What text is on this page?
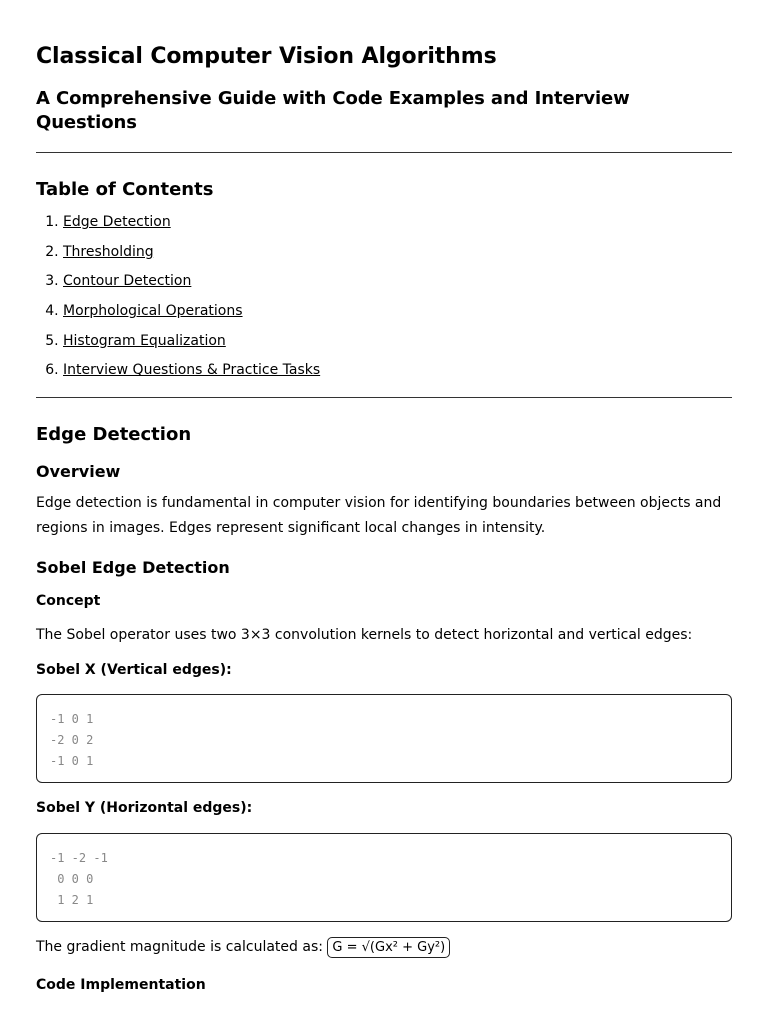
Classical Computer Vision Algorithms
A Comprehensive Guide with Code Examples and Interview Questions
Table of Contents
1. Edge Detection
2. Thresholding
3. Contour Detection
4. Morphological Operations
5. Histogram Equalization
6. Interview Questions & Practice Tasks
Edge Detection
Overview

Edge detection is fundamental in computer vision for identifying boundaries between objects and regions in images. Edges represent significant local changes in intensity.

Sobel Edge Detection
Concept

The Sobel operator uses two 3×3 convolution kernels to detect horizontal and vertical edges:

Sobel X (Vertical edges):
-1 0 1
-2 0 2
-1 0 1
Sobel Y (Horizontal edges):
-1 -2 -1
0 0 0
1 2 1

The gradient magnitude is calculated as: G = √(Gx² + Gy²)

Code Implementation
